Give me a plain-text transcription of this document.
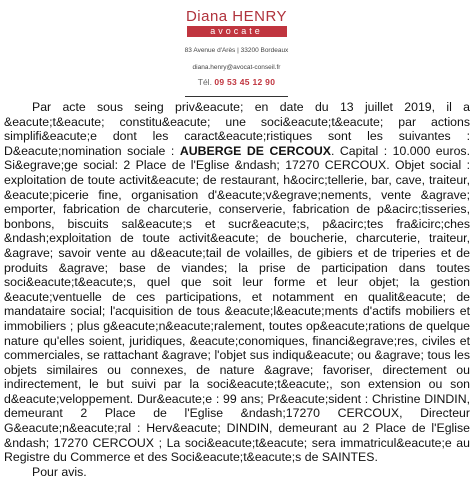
Diana HENRY
avocate
83 Avenue d'Arès | 33200 Bordeaux
diana.henry@avocat-conseil.fr
Tél. 09 53 45 12 90

Par acte sous seing priv&eacute; en date du 13 juillet 2019, il a &eacute;t&eacute; constitu&eacute; une soci&eacute;t&eacute; par actions simplifi&eacute;e dont les caract&eacute;ristiques sont les suivantes : D&eacute;nomination sociale : AUBERGE DE CERCOUX. Capital : 10.000 euros. Si&egrave;ge social: 2 Place de l'Eglise &ndash; 17270 CERCOUX. Objet social : exploitation de toute activit&eacute; de restaurant, h&ocirc;tellerie, bar, cave, traiteur, &eacute;picerie fine, organisation d'&eacute;v&egrave;nements, vente &agrave; emporter, fabrication de charcuterie, conserverie, fabrication de p&acirc;tisseries, bonbons, biscuits sal&eacute;s et sucr&eacute;s, p&acirc;tes fra&icirc;ches &ndash;exploitation de toute activit&eacute; de boucherie, charcuterie, traiteur, &agrave; savoir vente au d&eacute;tail de volailles, de gibiers et de triperies et de produits &agrave; base de viandes; la prise de participation dans toutes soci&eacute;t&eacute;s, quel que soit leur forme et leur objet; la gestion &eacute;ventuelle de ces participations, et notamment en qualit&eacute; de mandataire social; l'acquisition de tous &eacute;l&eacute;ments d'actifs mobiliers et immobiliers ; plus g&eacute;n&eacute;ralement, toutes op&eacute;rations de quelque nature qu'elles soient, juridiques, &eacute;conomiques, financi&egrave;res, civiles et commerciales, se rattachant &agrave; l'objet sus indiqu&eacute; ou &agrave; tous les objets similaires ou connexes, de nature &agrave; favoriser, directement ou indirectement, le but suivi par la soci&eacute;t&eacute;, son extension ou son d&eacute;veloppement. Dur&eacute;e : 99 ans; Pr&eacute;sident : Christine DINDIN, demeurant 2 Place de l'Eglise &ndash;17270 CERCOUX, Directeur G&eacute;n&eacute;ral : Herv&eacute; DINDIN, demeurant au 2 Place de l'Eglise &ndash; 17270 CERCOUX ; La soci&eacute;t&eacute; sera immatricul&eacute;e au Registre du Commerce et des Soci&eacute;t&eacute;s de SAINTES.

Pour avis.
